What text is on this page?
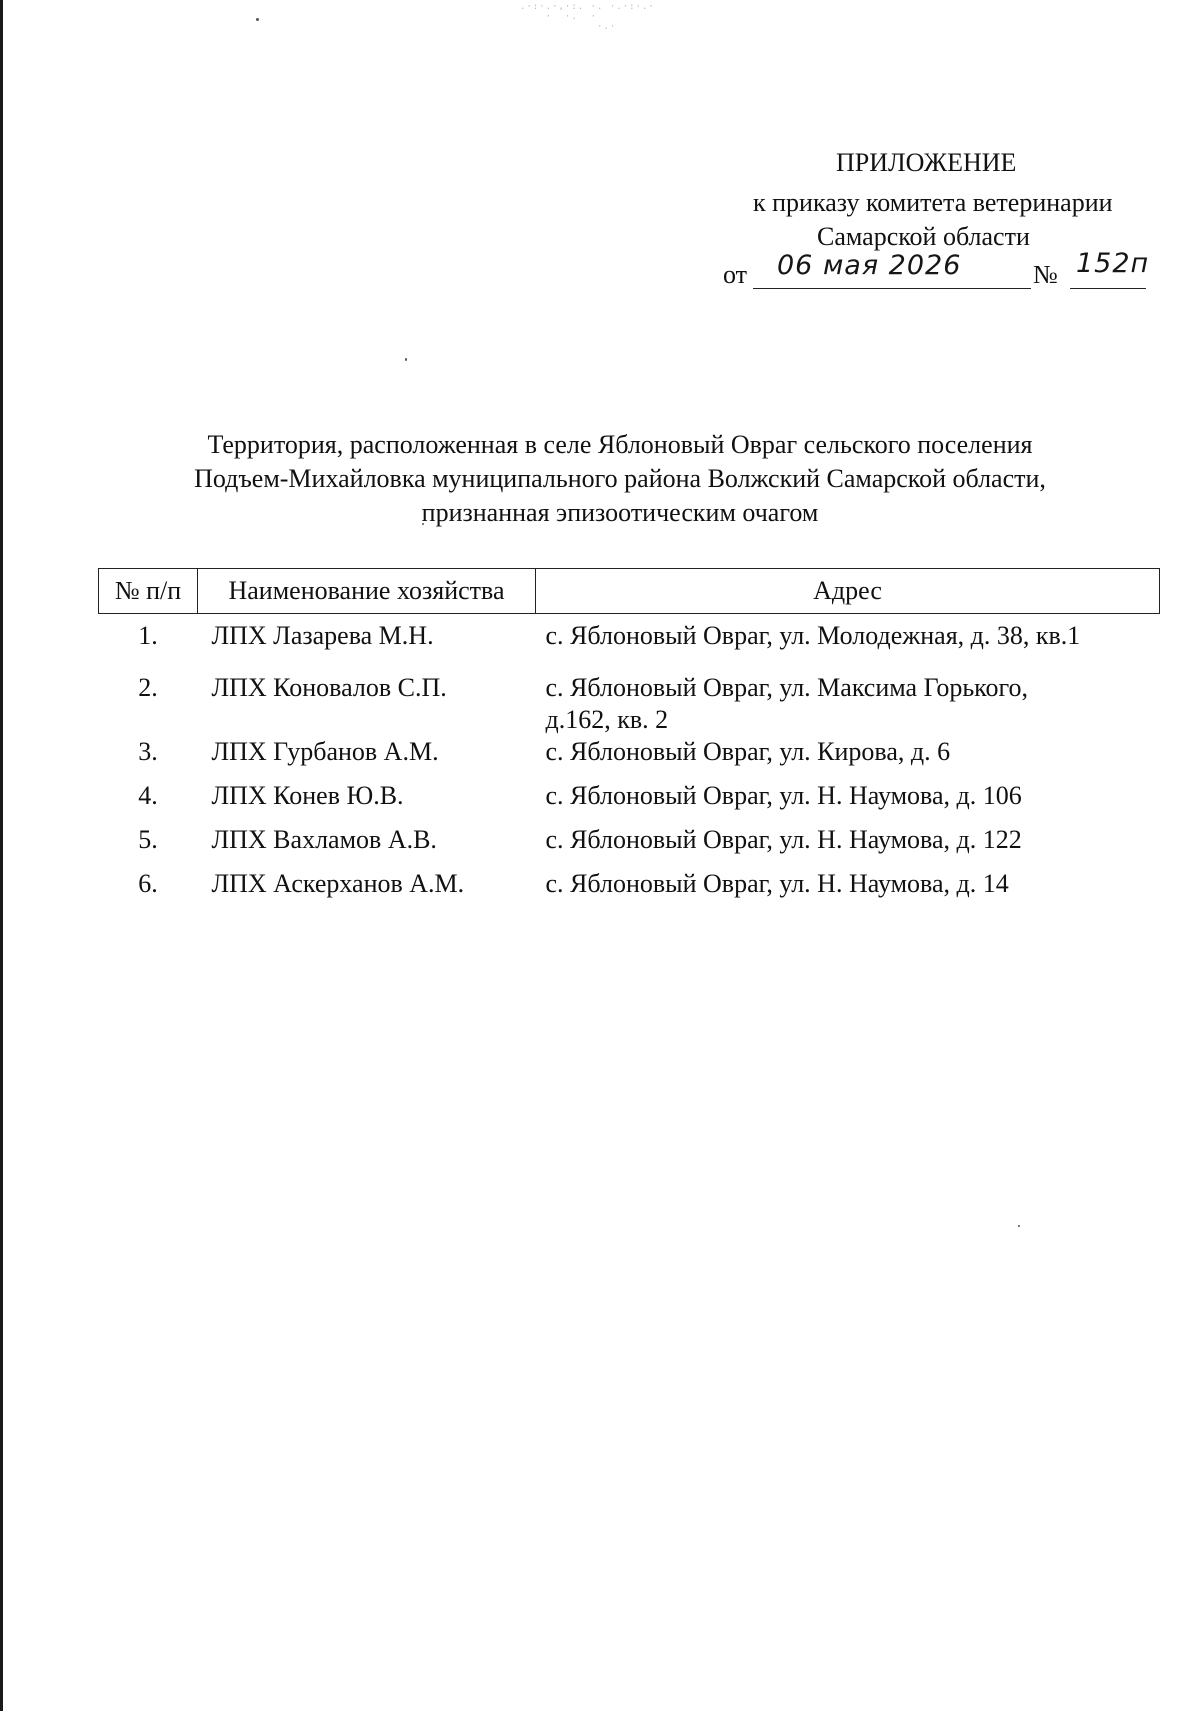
.·:·.·‚·:. ·. ·.·:·.·
·  ·.  ·
·.·
ПРИЛОЖЕНИЕ
к приказу комитета ветеринарии
Самарской области
от 06 мая 2026	№ 152п
Территория, расположенная в селе Яблоновый Овраг сельского поселения
Подъем-Михайловка муниципального района Волжский Самарской области,
признанная эпизоотическим очагом
№ п/п	Наименование хозяйства	Адрес
1.	ЛПХ Лазарева М.Н.	с. Яблоновый Овраг, ул. Молодежная, д. 38, кв.1
2.	ЛПХ Коновалов С.П.	с. Яблоновый Овраг, ул. Максима Горького, д.162, кв. 2
3.	ЛПХ Гурбанов А.М.	с. Яблоновый Овраг, ул. Кирова, д. 6
4.	ЛПХ Конев Ю.В.	с. Яблоновый Овраг, ул. Н. Наумова, д. 106
5.	ЛПХ Вахламов А.В.	с. Яблоновый Овраг, ул. Н. Наумова, д. 122
6.	ЛПХ Аскерханов А.М.	с. Яблоновый Овраг, ул. Н. Наумова, д. 14
